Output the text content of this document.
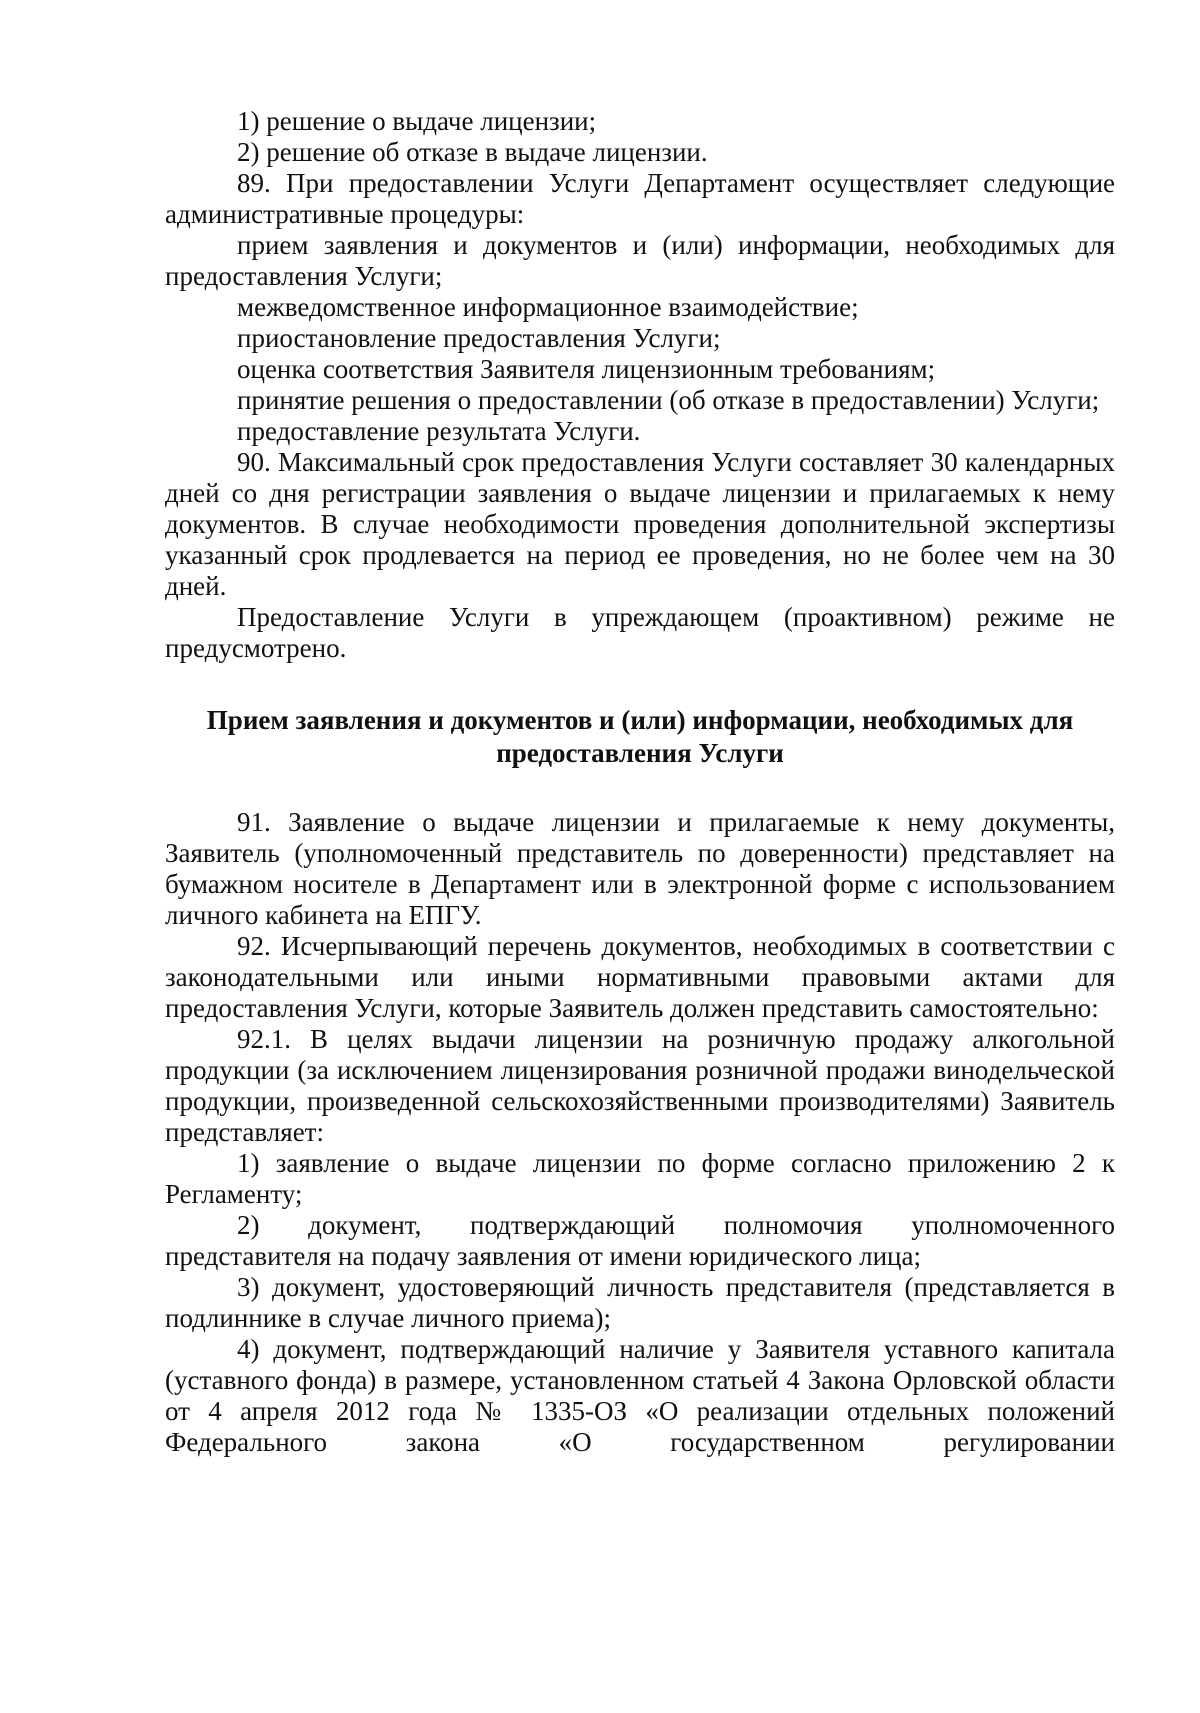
1) решение о выдаче лицензии;

2) решение об отказе в выдаче лицензии.

89. При предоставлении Услуги Департамент осуществляет следующие административные процедуры:

прием заявления и документов и (или) информации, необходимых для предоставления Услуги;

межведомственное информационное взаимодействие;

приостановление предоставления Услуги;

оценка соответствия Заявителя лицензионным требованиям;

принятие решения о предоставлении (об отказе в предоставлении) Услуги;

предоставление результата Услуги.

90. Максимальный срок предоставления Услуги составляет 30 календарных дней со дня регистрации заявления о выдаче лицензии и прилагаемых к нему документов. В случае необходимости проведения дополнительной экспертизы указанный срок продлевается на период ее проведения, но не более чем на 30 дней.

Предоставление Услуги в упреждающем (проактивном) режиме не предусмотрено.

Прием заявления и документов и (или) информации, необходимых для предоставления Услуги

91. Заявление о выдаче лицензии и прилагаемые к нему документы, Заявитель (уполномоченный представитель по доверенности) представляет на бумажном носителе в Департамент или в электронной форме с использованием личного кабинета на ЕПГУ.

92. Исчерпывающий перечень документов, необходимых в соответствии с законодательными или иными нормативными правовыми актами для предоставления Услуги, которые Заявитель должен представить самостоятельно:

92.1. В целях выдачи лицензии на розничную продажу алкогольной продукции (за исключением лицензирования розничной продажи винодельческой продукции, произведенной сельскохозяйственными производителями) Заявитель представляет:

1) заявление о выдаче лицензии по форме согласно приложению 2 к Регламенту;

2) документ, подтверждающий полномочия уполномоченного представителя на подачу заявления от имени юридического лица;

3) документ, удостоверяющий личность представителя (представляется в подлиннике в случае личного приема);

4) документ, подтверждающий наличие у Заявителя уставного капитала (уставного фонда) в размере, установленном статьей 4 Закона Орловской области от 4 апреля 2012 года № 1335-ОЗ «О реализации отдельных положений Федерального закона «О государственном регулировании
